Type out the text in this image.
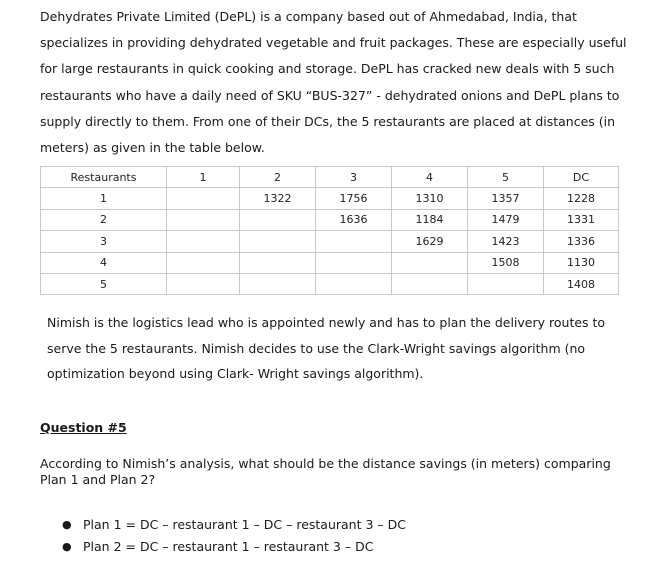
Dehydrates Private Limited (DePL) is a company based out of Ahmedabad, India, that specializes in providing dehydrated vegetable and fruit packages. These are especially useful for large restaurants in quick cooking and storage. DePL has cracked new deals with 5 such restaurants who have a daily need of SKU “BUS-327” - dehydrated onions and DePL plans to supply directly to them. From one of their DCs, the 5 restaurants are placed at distances (in meters) as given in the table below.

Restaurants	1	2	3	4	5	DC
1		1322	1756	1310	1357	1228
2			1636	1184	1479	1331
3				1629	1423	1336
4					1508	1130
5						1408

Nimish is the logistics lead who is appointed newly and has to plan the delivery routes to serve the 5 restaurants. Nimish decides to use the Clark-Wright savings algorithm (no optimization beyond using Clark- Wright savings algorithm).

Question #5

According to Nimish’s analysis, what should be the distance savings (in meters) comparing Plan 1 and Plan 2?

● Plan 1 = DC – restaurant 1 – DC – restaurant 3 – DC
● Plan 2 = DC – restaurant 1 – restaurant 3 – DC
